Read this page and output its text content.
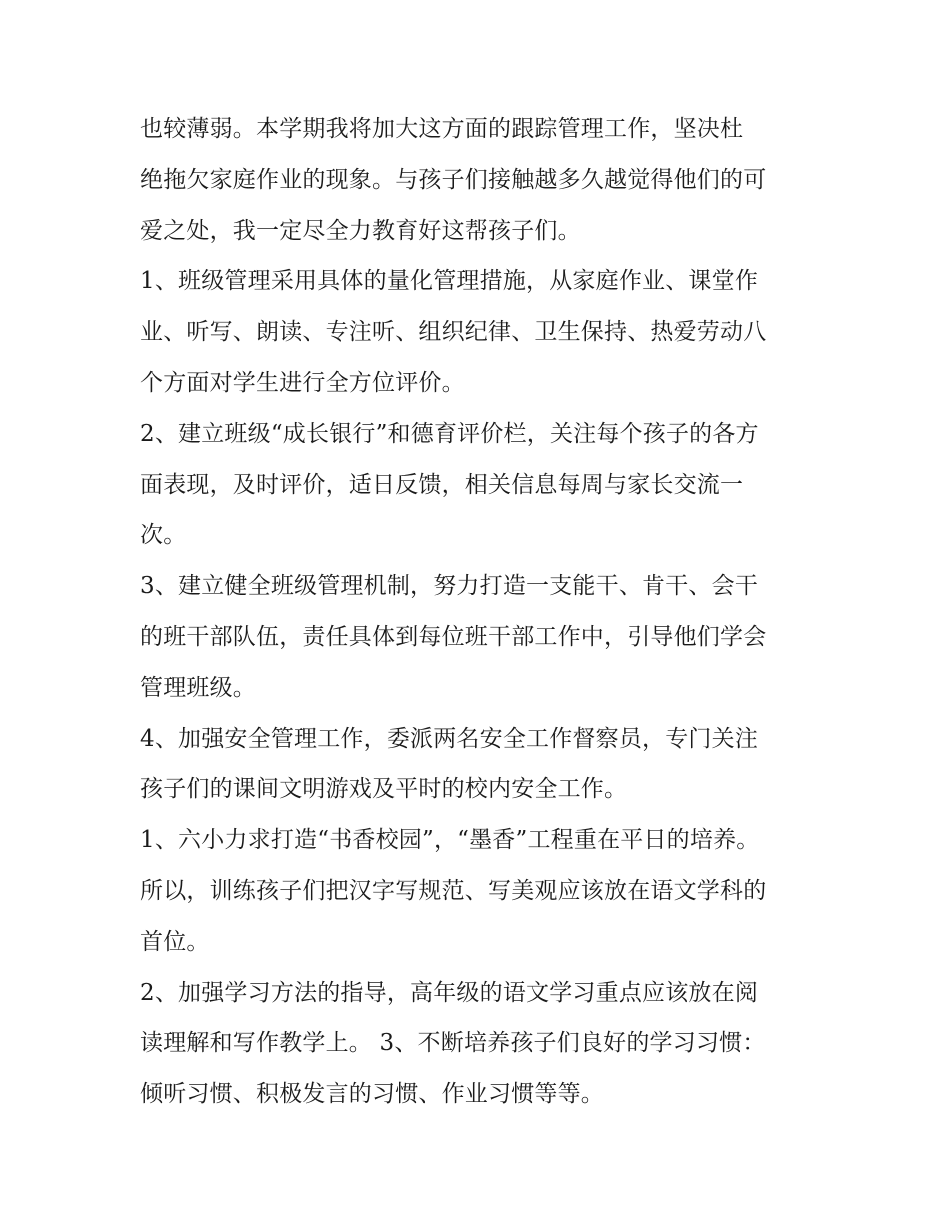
也较薄弱。本学期我将加大这方面的跟踪管理工作，坚决杜
绝拖欠家庭作业的现象。与孩子们接触越多久越觉得他们的可
爱之处，我一定尽全力教育好这帮孩子们。
1、班级管理采用具体的量化管理措施，从家庭作业、课堂作
业、听写、朗读、专注听、组织纪律、卫生保持、热爱劳动八
个方面对学生进行全方位评价。
2、建立班级“成长银行”和德育评价栏，关注每个孩子的各方
面表现，及时评价，适日反馈，相关信息每周与家长交流一
次。
3、建立健全班级管理机制，努力打造一支能干、肯干、会干
的班干部队伍，责任具体到每位班干部工作中，引导他们学会
管理班级。
4、加强安全管理工作，委派两名安全工作督察员，专门关注
孩子们的课间文明游戏及平时的校内安全工作。
1、六小力求打造“书香校园”，“墨香”工程重在平日的培养。
所以，训练孩子们把汉字写规范、写美观应该放在语文学科的
首位。
2、加强学习方法的指导，高年级的语文学习重点应该放在阅
读理解和写作教学上。 3、不断培养孩子们良好的学习习惯：
倾听习惯、积极发言的习惯、作业习惯等等。
